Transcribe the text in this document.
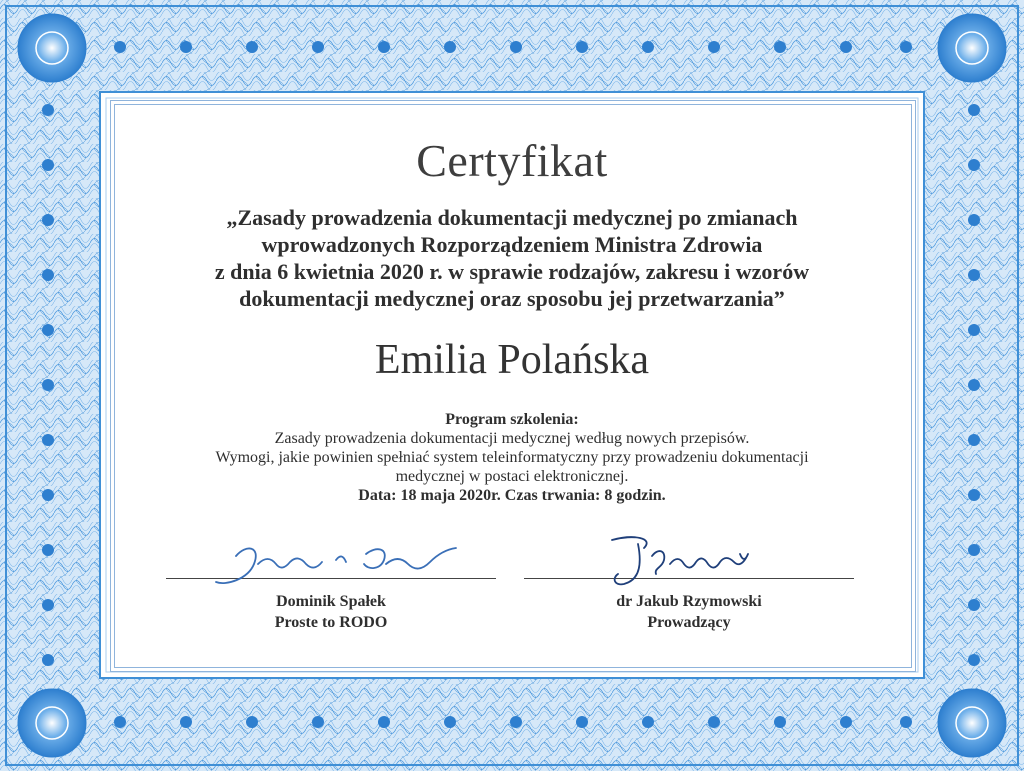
Certyfikat
„Zasady prowadzenia dokumentacji medycznej po zmianach
wprowadzonych Rozporządzeniem Ministra Zdrowia
z dnia 6 kwietnia 2020 r. w sprawie rodzajów, zakresu i wzorów
dokumentacji medycznej oraz sposobu jej przetwarzania”
Emilia Polańska
Program szkolenia:
Zasady prowadzenia dokumentacji medycznej według nowych przepisów.
Wymogi, jakie powinien spełniać system teleinformatyczny przy prowadzeniu dokumentacji
medycznej w postaci elektronicznej.
Data: 18 maja 2020r. Czas trwania: 8 godzin.
Dominik Spałek
Proste to RODO
dr Jakub Rzymowski
Prowadzący
